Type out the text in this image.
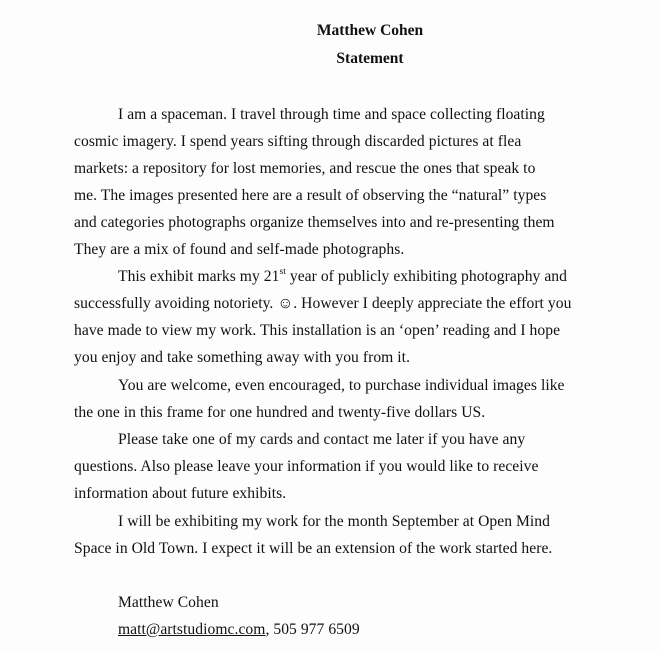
Matthew Cohen
Statement
I am a spaceman. I travel through time and space collecting floating
cosmic imagery. I spend years sifting through discarded pictures at flea
markets: a repository for lost memories, and rescue the ones that speak to
me. The images presented here are a result of observing the “natural” types
and categories photographs organize themselves into and re-presenting them
They are a mix of found and self-made photographs.
This exhibit marks my 21st year of publicly exhibiting photography and
successfully avoiding notoriety. ☺. However I deeply appreciate the effort you
have made to view my work. This installation is an ‘open’ reading and I hope
you enjoy and take something away with you from it.
You are welcome, even encouraged, to purchase individual images like
the one in this frame for one hundred and twenty-five dollars US.
Please take one of my cards and contact me later if you have any
questions. Also please leave your information if you would like to receive
information about future exhibits.
I will be exhibiting my work for the month September at Open Mind
Space in Old Town. I expect it will be an extension of the work started here.
Matthew Cohen
matt@artstudiomc.com, 505 977 6509
